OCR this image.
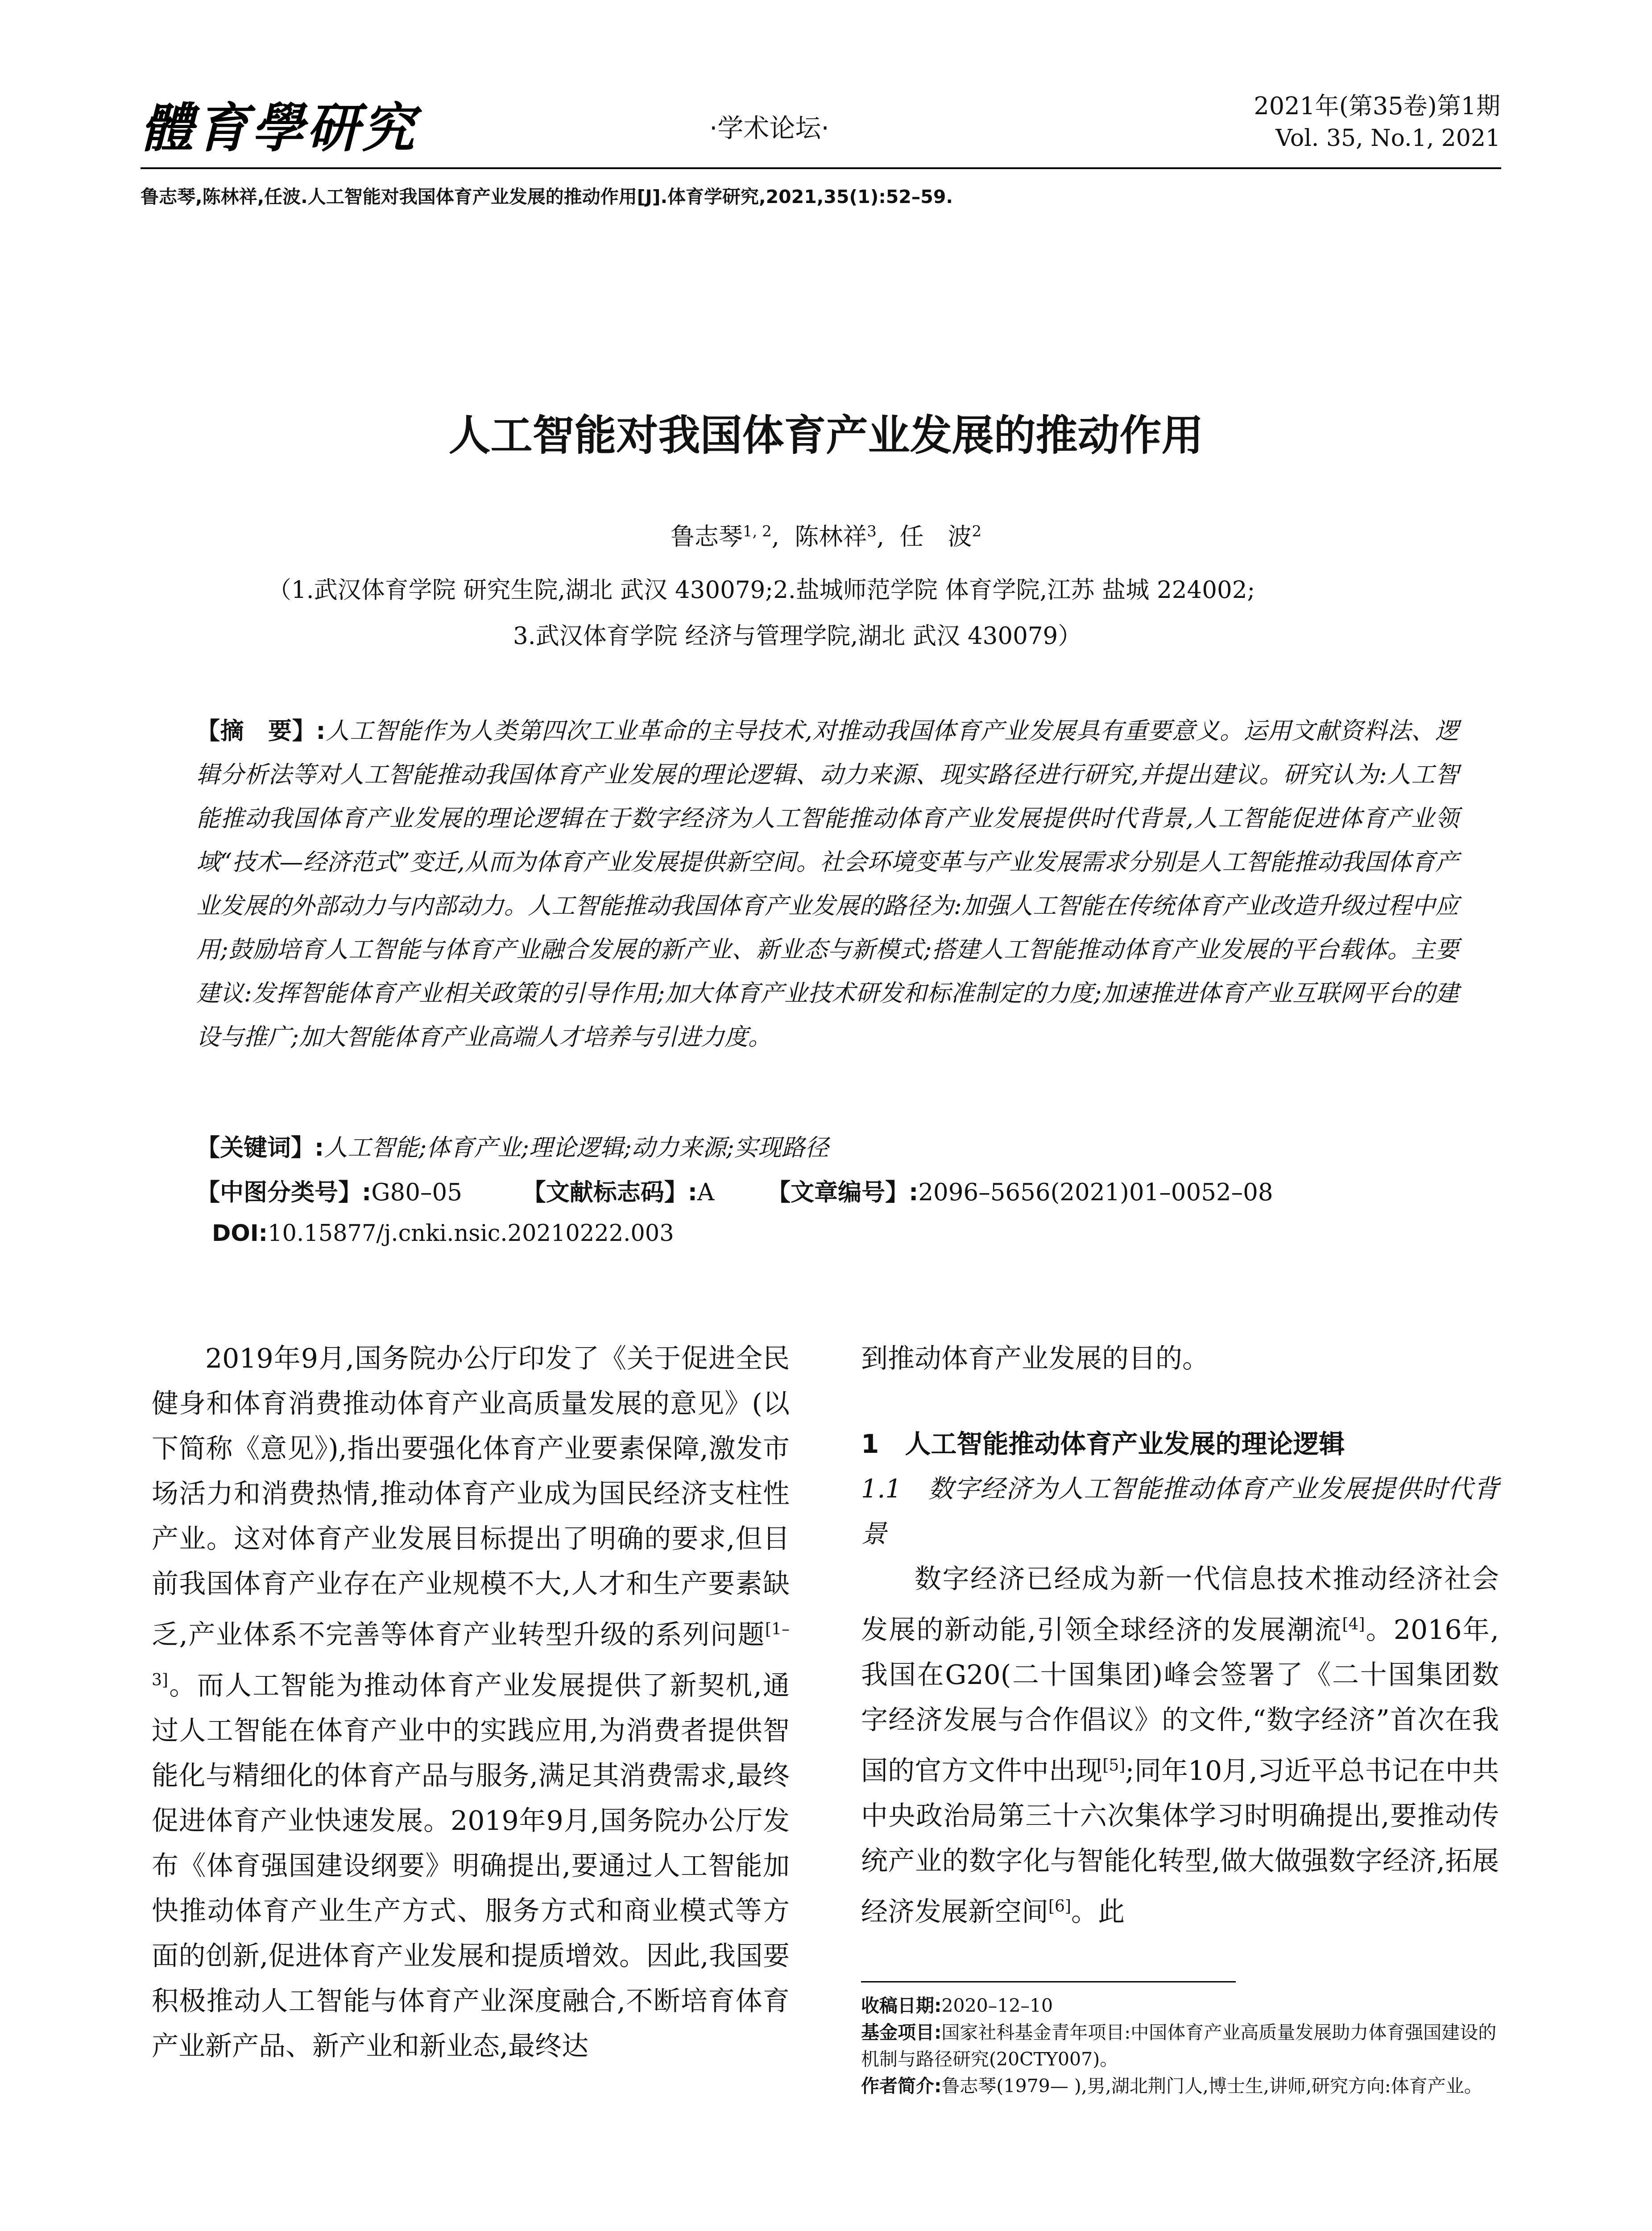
體育學研究	·学术论坛·
2021年(第35卷)第1期
Vol. 35, No.1, 2021
鲁志琴,陈林祥,任波.人工智能对我国体育产业发展的推动作用[J].体育学研究,2021,35(1):52–59.
人工智能对我国体育产业发展的推动作用
鲁志琴$^{1, 2}$,  陈林祥$^3$,  任　波$^2$
（1.武汉体育学院 研究生院,湖北 武汉 430079;2.盐城师范学院 体育学院,江苏 盐城 224002;
3.武汉体育学院 经济与管理学院,湖北 武汉 430079）
【摘　要】:人工智能作为人类第四次工业革命的主导技术,对推动我国体育产业发展具有重要意义。运用文献资料法、逻辑分析法等对人工智能推动我国体育产业发展的理论逻辑、动力来源、现实路径进行研究,并提出建议。研究认为:人工智能推动我国体育产业发展的理论逻辑在于数字经济为人工智能推动体育产业发展提供时代背景,人工智能促进体育产业领域“技术—经济范式”变迁,从而为体育产业发展提供新空间。社会环境变革与产业发展需求分别是人工智能推动我国体育产业发展的外部动力与内部动力。人工智能推动我国体育产业发展的路径为:加强人工智能在传统体育产业改造升级过程中应用;鼓励培育人工智能与体育产业融合发展的新产业、新业态与新模式;搭建人工智能推动体育产业发展的平台载体。主要建议:发挥智能体育产业相关政策的引导作用;加大体育产业技术研发和标准制定的力度;加速推进体育产业互联网平台的建设与推广;加大智能体育产业高端人才培养与引进力度。
【关键词】:人工智能;体育产业;理论逻辑;动力来源;实现路径
【中图分类号】:G80–05	【文献标志码】:A 【文章编号】:2096–5656(2021)01–0052–08
DOI:10.15877/j.cnki.nsic.20210222.003

2019年9月,国务院办公厅印发了《关于促进全民健身和体育消费推动体育产业高质量发展的意见》(以下简称《意见》),指出要强化体育产业要素保障,激发市场活力和消费热情,推动体育产业成为国民经济支柱性产业。这对体育产业发展目标提出了明确的要求,但目前我国体育产业存在产业规模不大,人才和生产要素缺乏,产业体系不完善等体育产业转型升级的系列问题[1–3]。而人工智能为推动体育产业发展提供了新契机,通过人工智能在体育产业中的实践应用,为消费者提供智能化与精细化的体育产品与服务,满足其消费需求,最终促进体育产业快速发展。2019年9月,国务院办公厅发布《体育强国建设纲要》明确提出,要通过人工智能加快推动体育产业生产方式、服务方式和商业模式等方面的创新,促进体育产业发展和提质增效。因此,我国要积极推动人工智能与体育产业深度融合,不断培育体育产业新产品、新产业和新业态,最终达

到推动体育产业发展的目的。

1　人工智能推动体育产业发展的理论逻辑

1.1　数字经济为人工智能推动体育产业发展提供时代背景

数字经济已经成为新一代信息技术推动经济社会发展的新动能,引领全球经济的发展潮流[4]。2016年,我国在G20(二十国集团)峰会签署了《二十国集团数字经济发展与合作倡议》的文件,“数字经济”首次在我国的官方文件中出现[5];同年10月,习近平总书记在中共中央政治局第三十六次集体学习时明确提出,要推动传统产业的数字化与智能化转型,做大做强数字经济,拓展经济发展新空间[6]。此

收稿日期:2020–12–10

基金项目:国家社科基金青年项目:中国体育产业高质量发展助力体育强国建设的机制与路径研究(20CTY007)。

作者简介:鲁志琴(1979— ),男,湖北荆门人,博士生,讲师,研究方向:体育产业。
